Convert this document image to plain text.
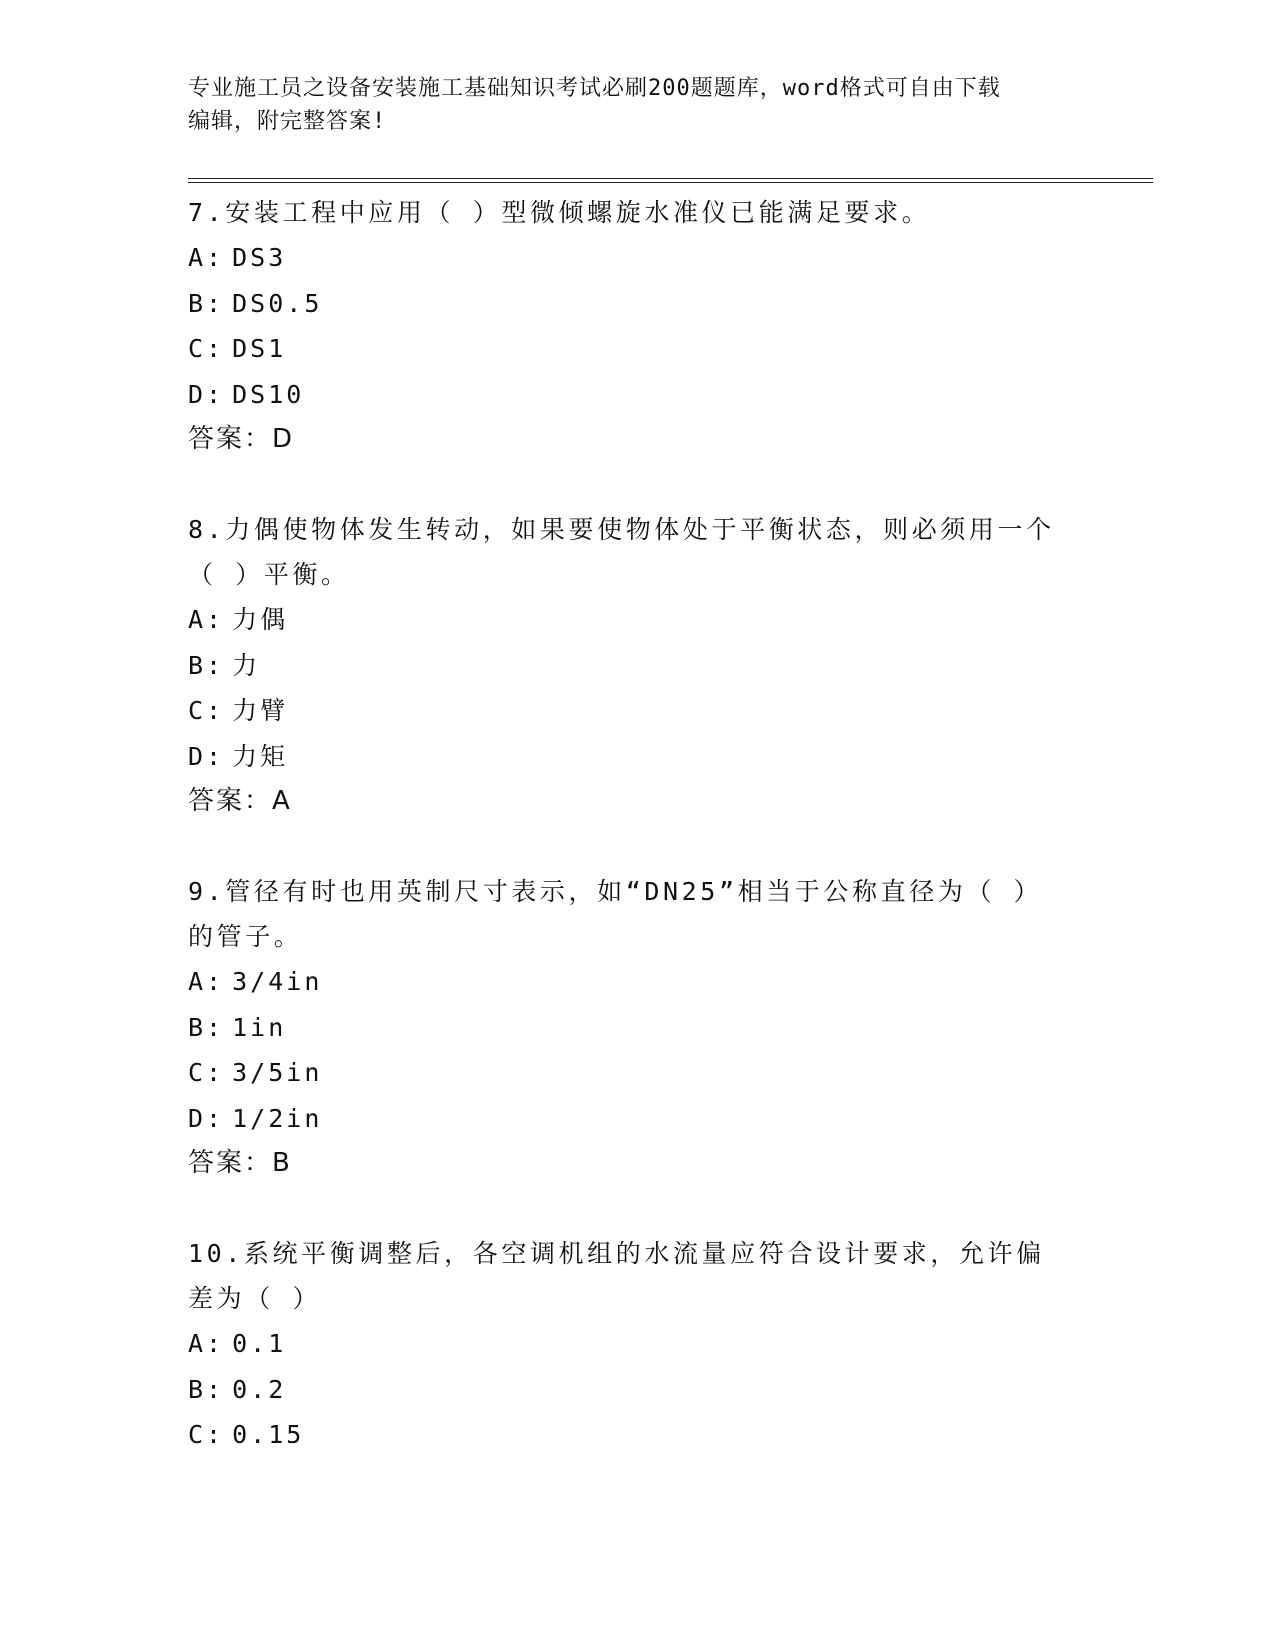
专业施工员之设备安装施工基础知识考试必刷200题题库，word格式可自由下载
编辑，附完整答案!
7.安装工程中应用（ ）型微倾螺旋水准仪已能满足要求。
A: DS3
B: DS0.5
C: DS1
D: DS10
答案：D
8.力偶使物体发生转动，如果要使物体处于平衡状态，则必须用一个（ ）平衡。
A: 力偶
B: 力
C: 力臂
D: 力矩
答案：A
9.管径有时也用英制尺寸表示，如“DN25”相当于公称直径为（ ）的管子。
A: 3/4in
B: 1in
C: 3/5in
D: 1/2in
答案：B
10.系统平衡调整后，各空调机组的水流量应符合设计要求，允许偏差为（ ）
A: 0.1
B: 0.2
C: 0.15
